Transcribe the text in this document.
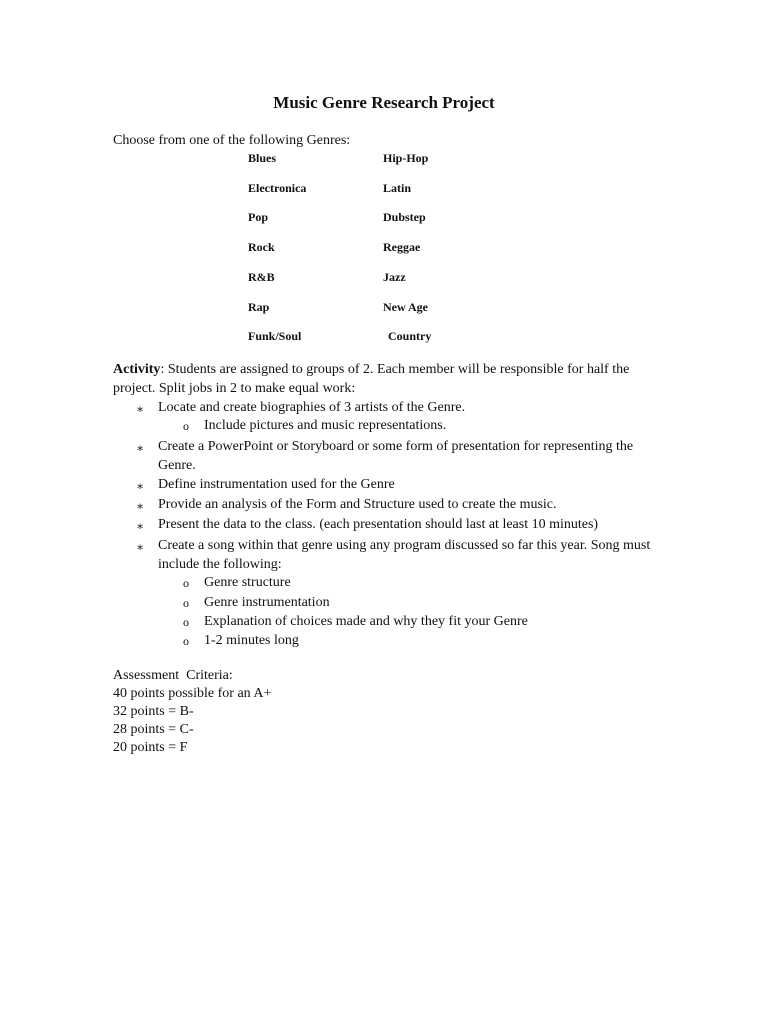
Music Genre Research Project
Choose from one of the following Genres:
Blues
Electronica
Pop
Rock
R&B
Rap
Funk/Soul
Hip-Hop
Latin
Dubstep
Reggae
Jazz
New Age
Country
Activity: Students are assigned to groups of 2. Each member will be responsible for half the project. Split jobs in 2 to make equal work:
∗ Locate and create biographies of 3 artists of the Genre.
o Include pictures and music representations.
∗ Create a PowerPoint or Storyboard or some form of presentation for representing the Genre.
∗ Define instrumentation used for the Genre
∗ Provide an analysis of the Form and Structure used to create the music.
∗ Present the data to the class. (each presentation should last at least 10 minutes)
∗ Create a song within that genre using any program discussed so far this year. Song must include the following:
o Genre structure
o Genre instrumentation
o Explanation of choices made and why they fit your Genre
o 1-2 minutes long
Assessment  Criteria:
40 points possible for an A+
32 points = B-
28 points = C-
20 points = F
